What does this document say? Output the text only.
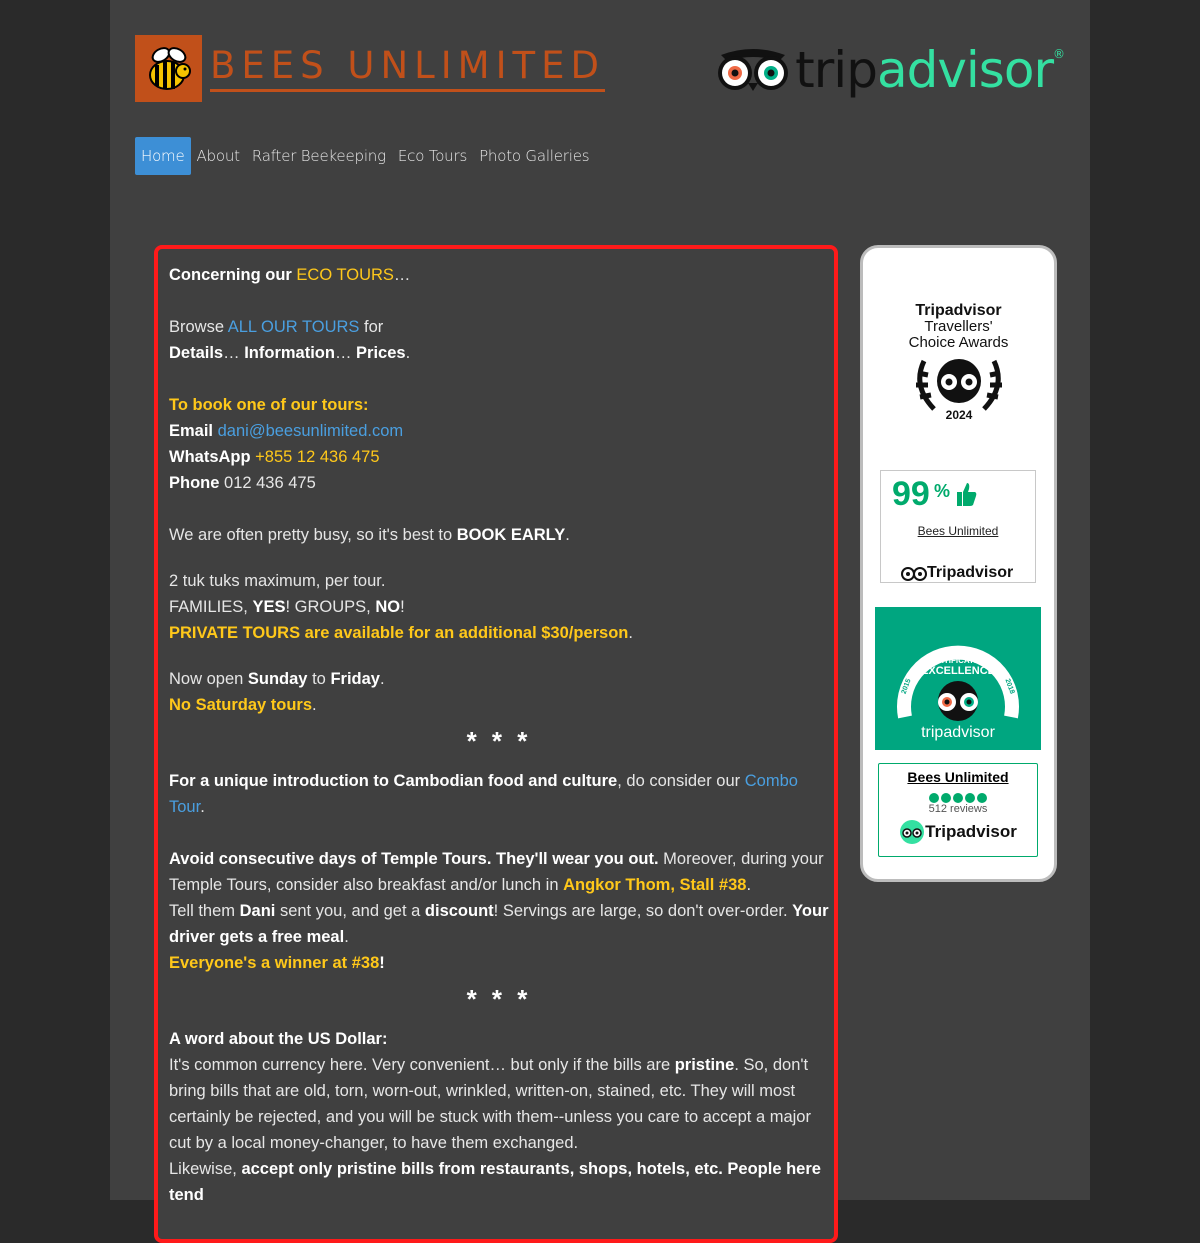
BEES UNLIMITED	tripadvisor ®
Home About Rafter Beekeeping Eco Tours Photo Galleries

Concerning our ECO TOURS…

Browse ALL OUR TOURS for

Details… Information… Prices.

To book one of our tours:

Email dani@beesunlimited.com

WhatsApp +855 12 436 475

Phone 012 436 475

We are often pretty busy, so it's best to BOOK EARLY.

2 tuk tuks maximum, per tour.

FAMILIES, YES! GROUPS, NO!

PRIVATE TOURS are available for an additional $30/person.

Now open Sunday to Friday.

No Saturday tours.

* * *

For a unique introduction to Cambodian food and culture, do consider our Combo Tour.

Avoid consecutive days of Temple Tours. They'll wear you out. Moreover, during your Temple Tours, consider also breakfast and/or lunch in Angkor Thom, Stall #38.

Tell them Dani sent you, and get a discount! Servings are large, so don't over-order. Your driver gets a free meal.

Everyone's a winner at #38!

* * *

A word about the US Dollar:

It's common currency here. Very convenient… but only if the bills are pristine. So, don't bring bills that are old, torn, worn-out, wrinkled, written-on, stained, etc. They will most certainly be rejected, and you will be stuck with them--unless you care to accept a major cut by a local money-changer, to have them exchanged.

Likewise, accept only pristine bills from restaurants, shops, hotels, etc. People here tend

Tripadvisor
Travellers'
Choice Awards
2024
99 %
Bees Unlimited
Tripadvisor
HALL of FAME
2015
2016	2017
2018
2019
CERTIFICATE of
EXCELLENCE
tripadvisor
Bees Unlimited
512 reviews
Tripadvisor
